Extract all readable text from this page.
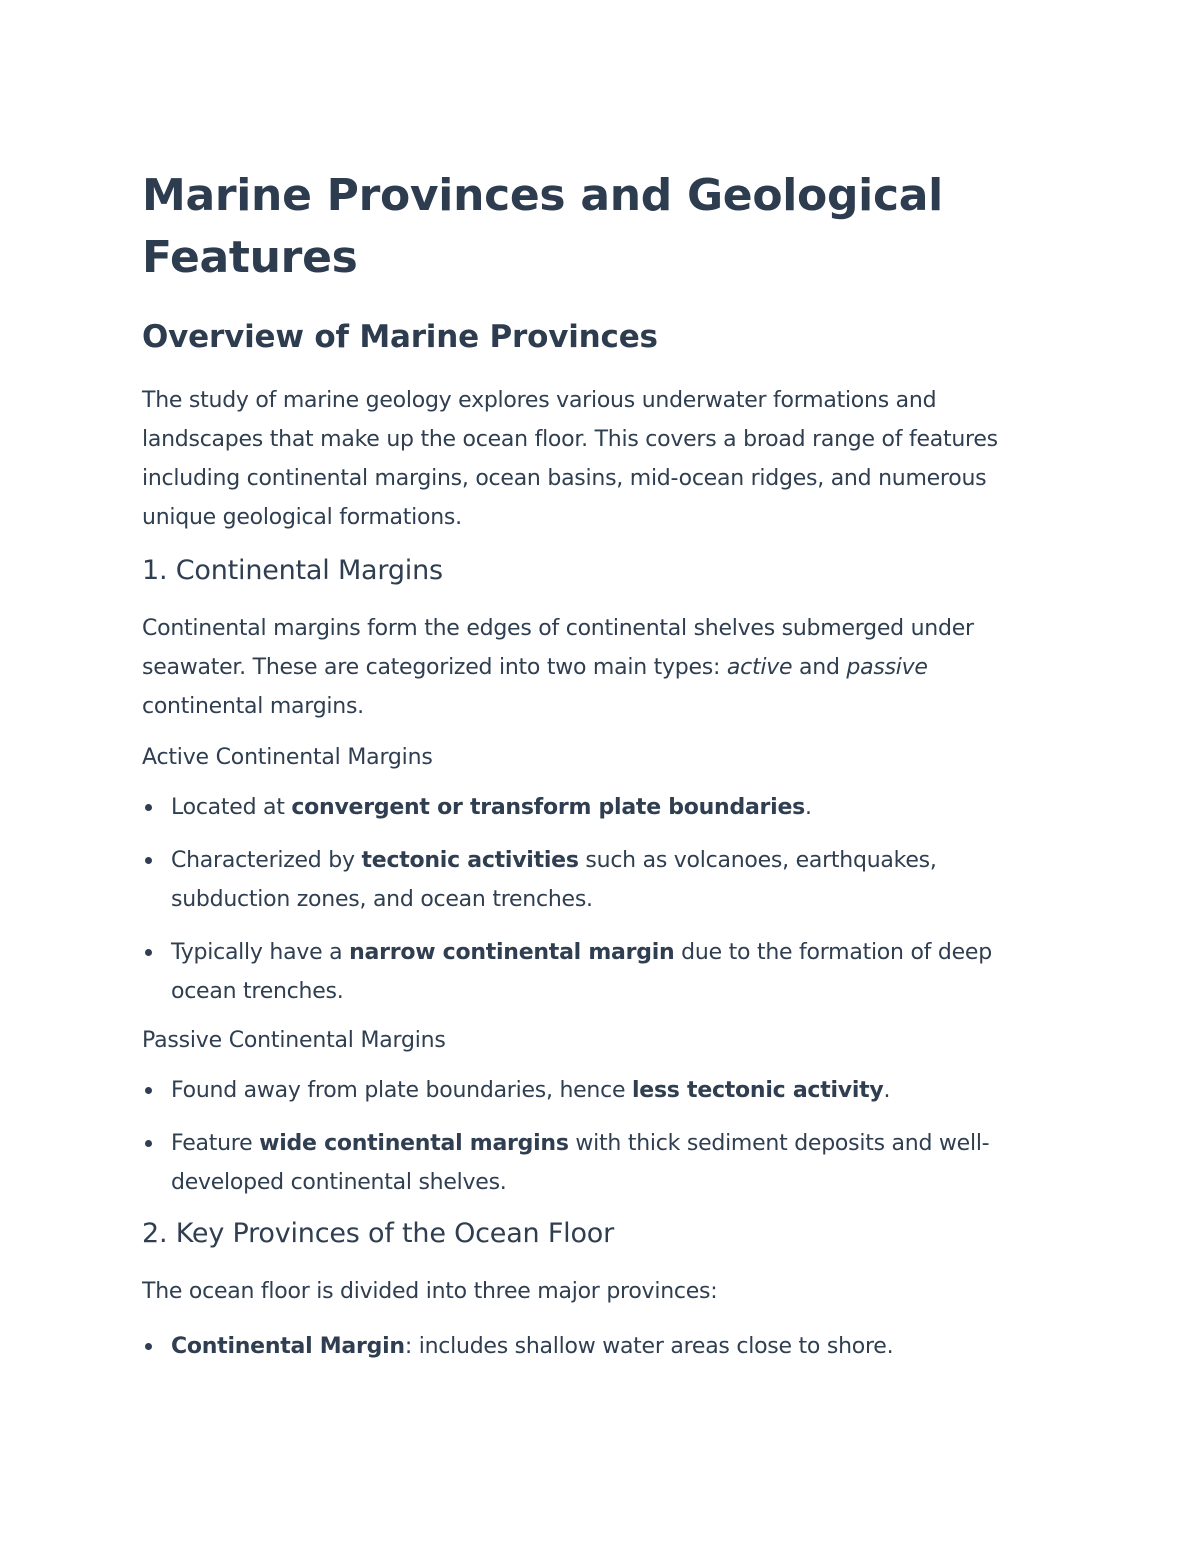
Marine Provinces and Geological Features
Overview of Marine Provinces

The study of marine geology explores various underwater formations and landscapes that make up the ocean floor. This covers a broad range of features including continental margins, ocean basins, mid-ocean ridges, and numerous unique geological formations.

1. Continental Margins

Continental margins form the edges of continental shelves submerged under seawater. These are categorized into two main types: active and passive continental margins.

Active Continental Margins
Located at convergent or transform plate boundaries.
Characterized by tectonic activities such as volcanoes, earthquakes, subduction zones, and ocean trenches.
Typically have a narrow continental margin due to the formation of deep ocean trenches.
Passive Continental Margins
Found away from plate boundaries, hence less tectonic activity.
Feature wide continental margins with thick sediment deposits and well-developed continental shelves.
2. Key Provinces of the Ocean Floor

The ocean floor is divided into three major provinces:

Continental Margin: includes shallow water areas close to shore.
